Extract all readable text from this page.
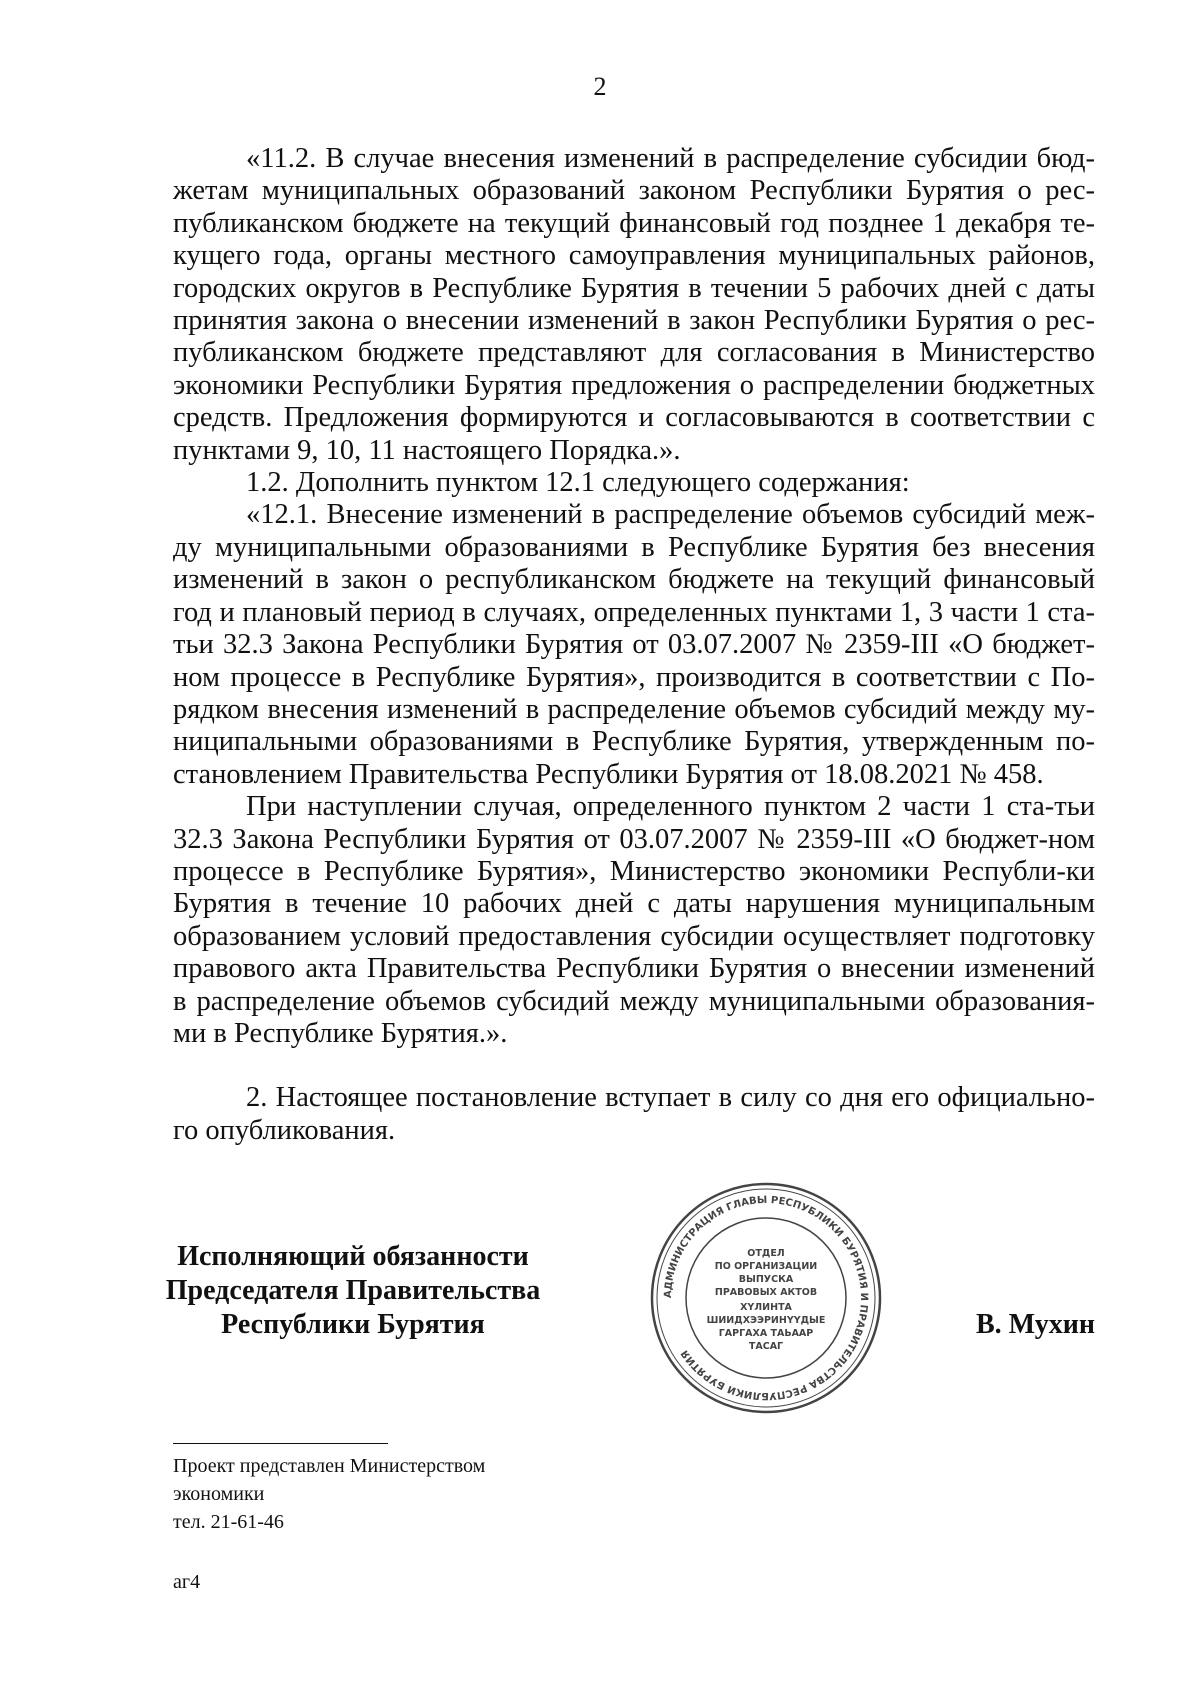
2

«11.2. В случае внесения изменений в распределение субсидии бюд-жетам муниципальных образований законом Республики Бурятия о рес-публиканском бюджете на текущий финансовый год позднее 1 декабря те-кущего года, органы местного самоуправления муниципальных районов, городских округов в Республике Бурятия в течении 5 рабочих дней с даты принятия закона о внесении изменений в закон Республики Бурятия о рес-публиканском бюджете представляют для согласования в Министерство экономики Республики Бурятия предложения о распределении бюджетных средств. Предложения формируются и согласовываются в соответствии с пунктами 9, 10, 11 настоящего Порядка.».

1.2. Дополнить пунктом 12.1 следующего содержания:

«12.1. Внесение изменений в распределение объемов субсидий меж-ду муниципальными образованиями в Республике Бурятия без внесения изменений в закон о республиканском бюджете на текущий финансовый год и плановый период в случаях, определенных пунктами 1, 3 части 1 ста-тьи 32.3 Закона Республики Бурятия от 03.07.2007 № 2359-III «О бюджет-ном процессе в Республике Бурятия», производится в соответствии с По-рядком внесения изменений в распределение объемов субсидий между му-ниципальными образованиями в Республике Бурятия, утвержденным по-становлением Правительства Республики Бурятия от 18.08.2021 № 458.

При наступлении случая, определенного пунктом 2 части 1 ста-тьи 32.3 Закона Республики Бурятия от 03.07.2007 № 2359-III «О бюджет-ном процессе в Республике Бурятия», Министерство экономики Республи-ки Бурятия в течение 10 рабочих дней с даты нарушения муниципальным образованием условий предоставления субсидии осуществляет подготовку правового акта Правительства Республики Бурятия о внесении изменений в распределение объемов субсидий между муниципальными образования-ми в Республике Бурятия.».

2. Настоящее постановление вступает в силу со дня его официально-го опубликования.

Исполняющий обязанности
Председателя Правительства
Республики Бурятия	В. Мухин
АДМИНИСТРАЦИЯ ГЛАВЫ РЕСПУБЛИКИ БУРЯТИЯ И ПРАВИТЕЛЬСТВА РЕСПУБЛИКИ БУРЯТИЯ
ОТДЕЛ
ПО ОРГАНИЗАЦИИ
ВЫПУСКА
ПРАВОВЫХ АКТОВ
ХҮЛИНТА
ШИИДХЭЭРИНҮҮДЫЕ
ГАРГАХА ТАЬААР
ТАСАГ
Проект представлен Министерством
экономики
тел. 21-61-46
аг4
